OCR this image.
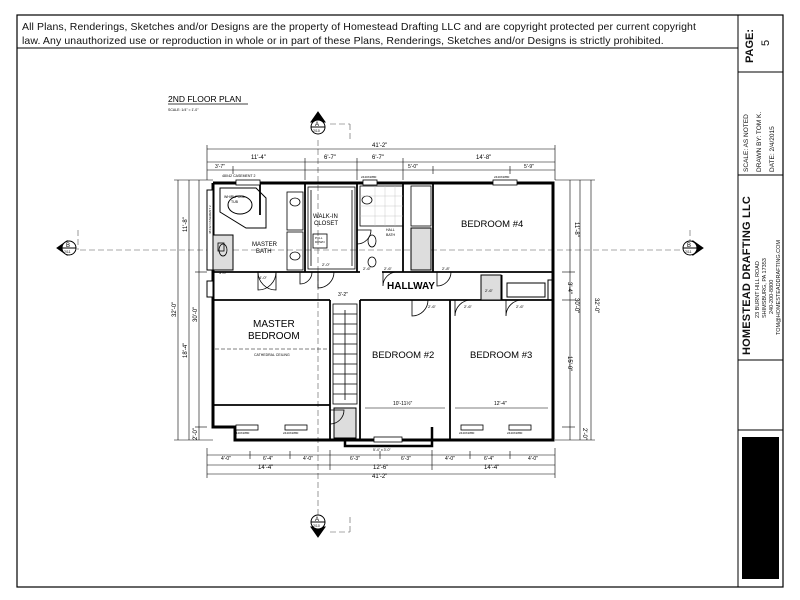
2ND FLOOR PLAN
SCALE: 1/4" = 1'-0"
BEDROOM #4
HALLWAY
MASTER
BEDROOM
BEDROOM #2	BEDROOM #3
MASTER
BATH
WALK-IN
CLOSET
WHIRLPOOL
TUB
HALL
BATH
CATHEDRAL CEILING
PULL
DOWN
48X42 CASEMENT 2
A
2/10
A
2/10
B
2/11
B
2/11
41'-2"
11'-4"	6'-7"	6'-7"	14'-8"
3'-7"	5'-0"	5'-9"
4'-0"	6'-4"	4'-0"	6'-3"	6'-3"	4'-0"	6'-4"	4'-0"
14'-4"	12'-6"	14'-4"
41'-2"
10'-11½"	12'-4"
3'-2"
5'-4" x 3'-0"
4'-0"
2'-6"	2'-8"
2'-6"	2'-6"	2'-6"
2'-0"
3'-0"
2'-6"
2'-6"
2440X2880	2440X2880	2440X2880	2440X2880
2440X2880	2440X2880
32'-0"
11'-8"
30'-0"
18'-4"
2'-0"
11'-8"
30'-0" 32'-0"
15'-0"
3'-4"
2'-0"
48X42 CASEMENT 2
All Plans, Renderings, Sketches and/or Designs are the property of Homestead Drafting LLC and are copyright protected per current copyright
law. Any unauthorized use or reproduction in whole or in part of these Plans, Renderings, Sketches and/or Designs is strictly prohibited.	PAGE: 5
HOMESTEAD DRAFTING LLC 23 BURNT HILL ROAD SHIMSBURG, PA 17353 240-200-8800 TOM@HOMESTEADDRAFTING.COM
SCALE: AS NOTED DRAWN BY: TOM K. DATE: 2/4/2015
